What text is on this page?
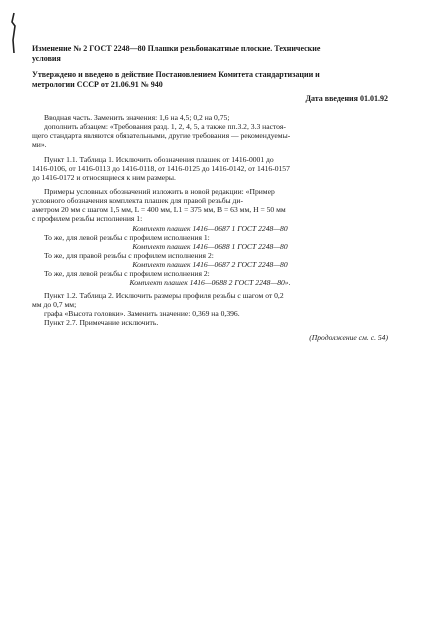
Изменение № 2 ГОСТ 2248—80 Плашки резьбонакатные плоские. Технические
условия
Утверждено и введено в действие Постановлением Комитета стандартизации и
метрологии СССР от 21.06.91 № 940
Дата введения 01.01.92
Вводная часть. Заменить значения: 1,6 на 4,5; 0,2 на 0,75;
дополнить абзацем: «Требования разд. 1, 2, 4, 5, а также пп.3.2, 3.3 настоя-
щего стандарта являются обязательными, другие требования — рекомендуемы-
ми».
Пункт 1.1. Таблица 1. Исключить обозначения плашек от 1416-0001 до
1416-0106, от 1416-0113 до 1416-0118, от 1416-0125 до 1416-0142, от 1416-0157
до 1416-0172 и относящиеся к ним размеры.
Примеры условных обозначений изложить в новой редакции: «Пример
условного обозначения комплекта плашек для правой резьбы ди-
аметром 20 мм с шагом 1,5 мм, L = 400 мм, L1 = 375 мм, B = 63 мм, H = 50 мм
с профилем резьбы исполнения 1:
Комплект плашек 1416—0687 1 ГОСТ 2248—80
То же, для левой резьбы с профилем исполнения 1:
Комплект плашек 1416—0688 1 ГОСТ 2248—80
То же, для правой резьбы с профилем исполнения 2:
Комплект плашек 1416—0687 2 ГОСТ 2248—80
То же, для левой резьбы с профилем исполнения 2:
Комплект плашек 1416—0688 2 ГОСТ 2248—80».
Пункт 1.2. Таблица 2. Исключить размеры профиля резьбы с шагом от 0,2
мм до 0,7 мм;
графа «Высота головки». Заменить значение: 0,369 на 0,396.
Пункт 2.7. Примечание исключить.
(Продолжение см. с. 54)
